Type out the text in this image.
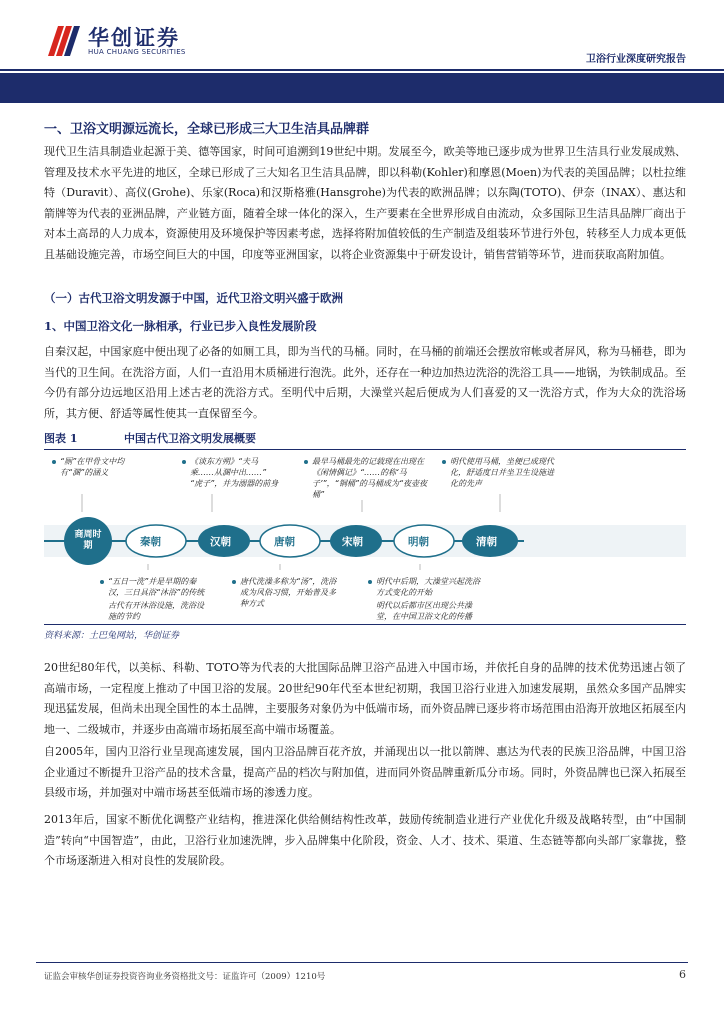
华创证券
HUA CHUANG SECURITIES
卫浴行业深度研究报告
一、卫浴文明源远流长，全球已形成三大卫生洁具品牌群

现代卫生洁具制造业起源于美、德等国家，时间可追溯到19世纪中期。发展至今，欧美等地已逐步成为世界卫生洁具行业发展成熟、管理及技术水平先进的地区，全球已形成了三大知名卫生洁具品牌，即以科勒(Kohler)和摩恩(Moen)为代表的美国品牌；以杜拉维特（Duravit）、高仪(Grohe)、乐家(Roca)和汉斯格雅(Hansgrohe)为代表的欧洲品牌；以东陶(TOTO)、伊奈（INAX）、惠达和箭牌等为代表的亚洲品牌，产业链方面，随着全球一体化的深入，生产要素在全世界形成自由流动，众多国际卫生洁具品牌厂商出于对本土高昂的人力成本，资源使用及环境保护等因素考虑，选择将附加值较低的生产制造及组装环节进行外包，转移至人力成本更低且基础设施完善，市场空间巨大的中国，印度等亚洲国家，以将企业资源集中于研发设计，销售营销等环节，进而获取高附加值。

（一）古代卫浴文明发源于中国，近代卫浴文明兴盛于欧洲
1、中国卫浴文化一脉相承，行业已步入良性发展阶段

自秦汉起，中国家庭中便出现了必备的如厕工具，即为当代的马桶。同时，在马桶的前端还会摆放帘帐或者屏风，称为马桶巷，即为当代的卫生间。在洗浴方面，人们一直沿用木质桶进行泡洗。此外，还存在一种边加热边洗浴的洗浴工具——地锅，为铁制成品。至今仍有部分边远地区沿用上述古老的洗浴方式。至明代中后期，大澡堂兴起后便成为人们喜爱的又一洗浴方式，作为大众的洗浴场所，其方便、舒适等属性使其一直保留至今。

图表 1	中国古代卫浴文明发展概要
商周时期	秦朝	汉朝	唐朝	宋朝	明朝	清朝
“厕”在甲骨文中均有“溷”的涵义
《谈东方朔》“夫马乘……从溷中出……”
“虎子”，并为溺器的前身
最早马桶最先的记载现在出现在《闲情偶记》“……的称‘马子’”，“铜桶”的马桶成为“夜壶夜桶”
明代使用马桶，坐便已成现代化，舒适度日并坐卫生设施进化的先声
“五日一洗”并是早期的秦汉，三日具浴“沐浴”的传统
古代有开沐浴设施，洗浴设施的节约
唐代洗澡多称为“汤”，洗浴成为风俗习惯，开始普及多种方式
明代中后期，大澡堂兴起洗浴方式变化的开始
明代以后都市区出现公共澡堂，在中国卫浴文化的传播
资料来源：土巴兔网站，华创证券

20世纪80年代，以美标、科勒、TOTO等为代表的大批国际品牌卫浴产品进入中国市场，并依托自身的品牌的技术优势迅速占领了高端市场，一定程度上推动了中国卫浴的发展。20世纪90年代至本世纪初期，我国卫浴行业进入加速发展期，虽然众多国产品牌实现迅猛发展，但尚未出现全国性的本土品牌，主要服务对象仍为中低端市场，而外资品牌已逐步将市场范围由沿海开放地区拓展至内地一、二级城市，并逐步由高端市场拓展至高中端市场覆盖。

自2005年，国内卫浴行业呈现高速发展，国内卫浴品牌百花齐放，并涌现出以一批以箭牌、惠达为代表的民族卫浴品牌，中国卫浴企业通过不断提升卫浴产品的技术含量，提高产品的档次与附加值，进而同外资品牌重新瓜分市场。同时，外资品牌也已深入拓展至县级市场，并加强对中端市场甚至低端市场的渗透力度。

2013年后，国家不断优化调整产业结构，推进深化供给侧结构性改革，鼓励传统制造业进行产业优化升级及战略转型，由“中国制造”转向“中国智造”，由此，卫浴行业加速洗牌，步入品牌集中化阶段，资金、人才、技术、渠道、生态链等都向头部厂家靠拢，整个市场逐渐进入相对良性的发展阶段。

证监会审核华创证券投资咨询业务资格批文号：证监许可（2009）1210号	6
